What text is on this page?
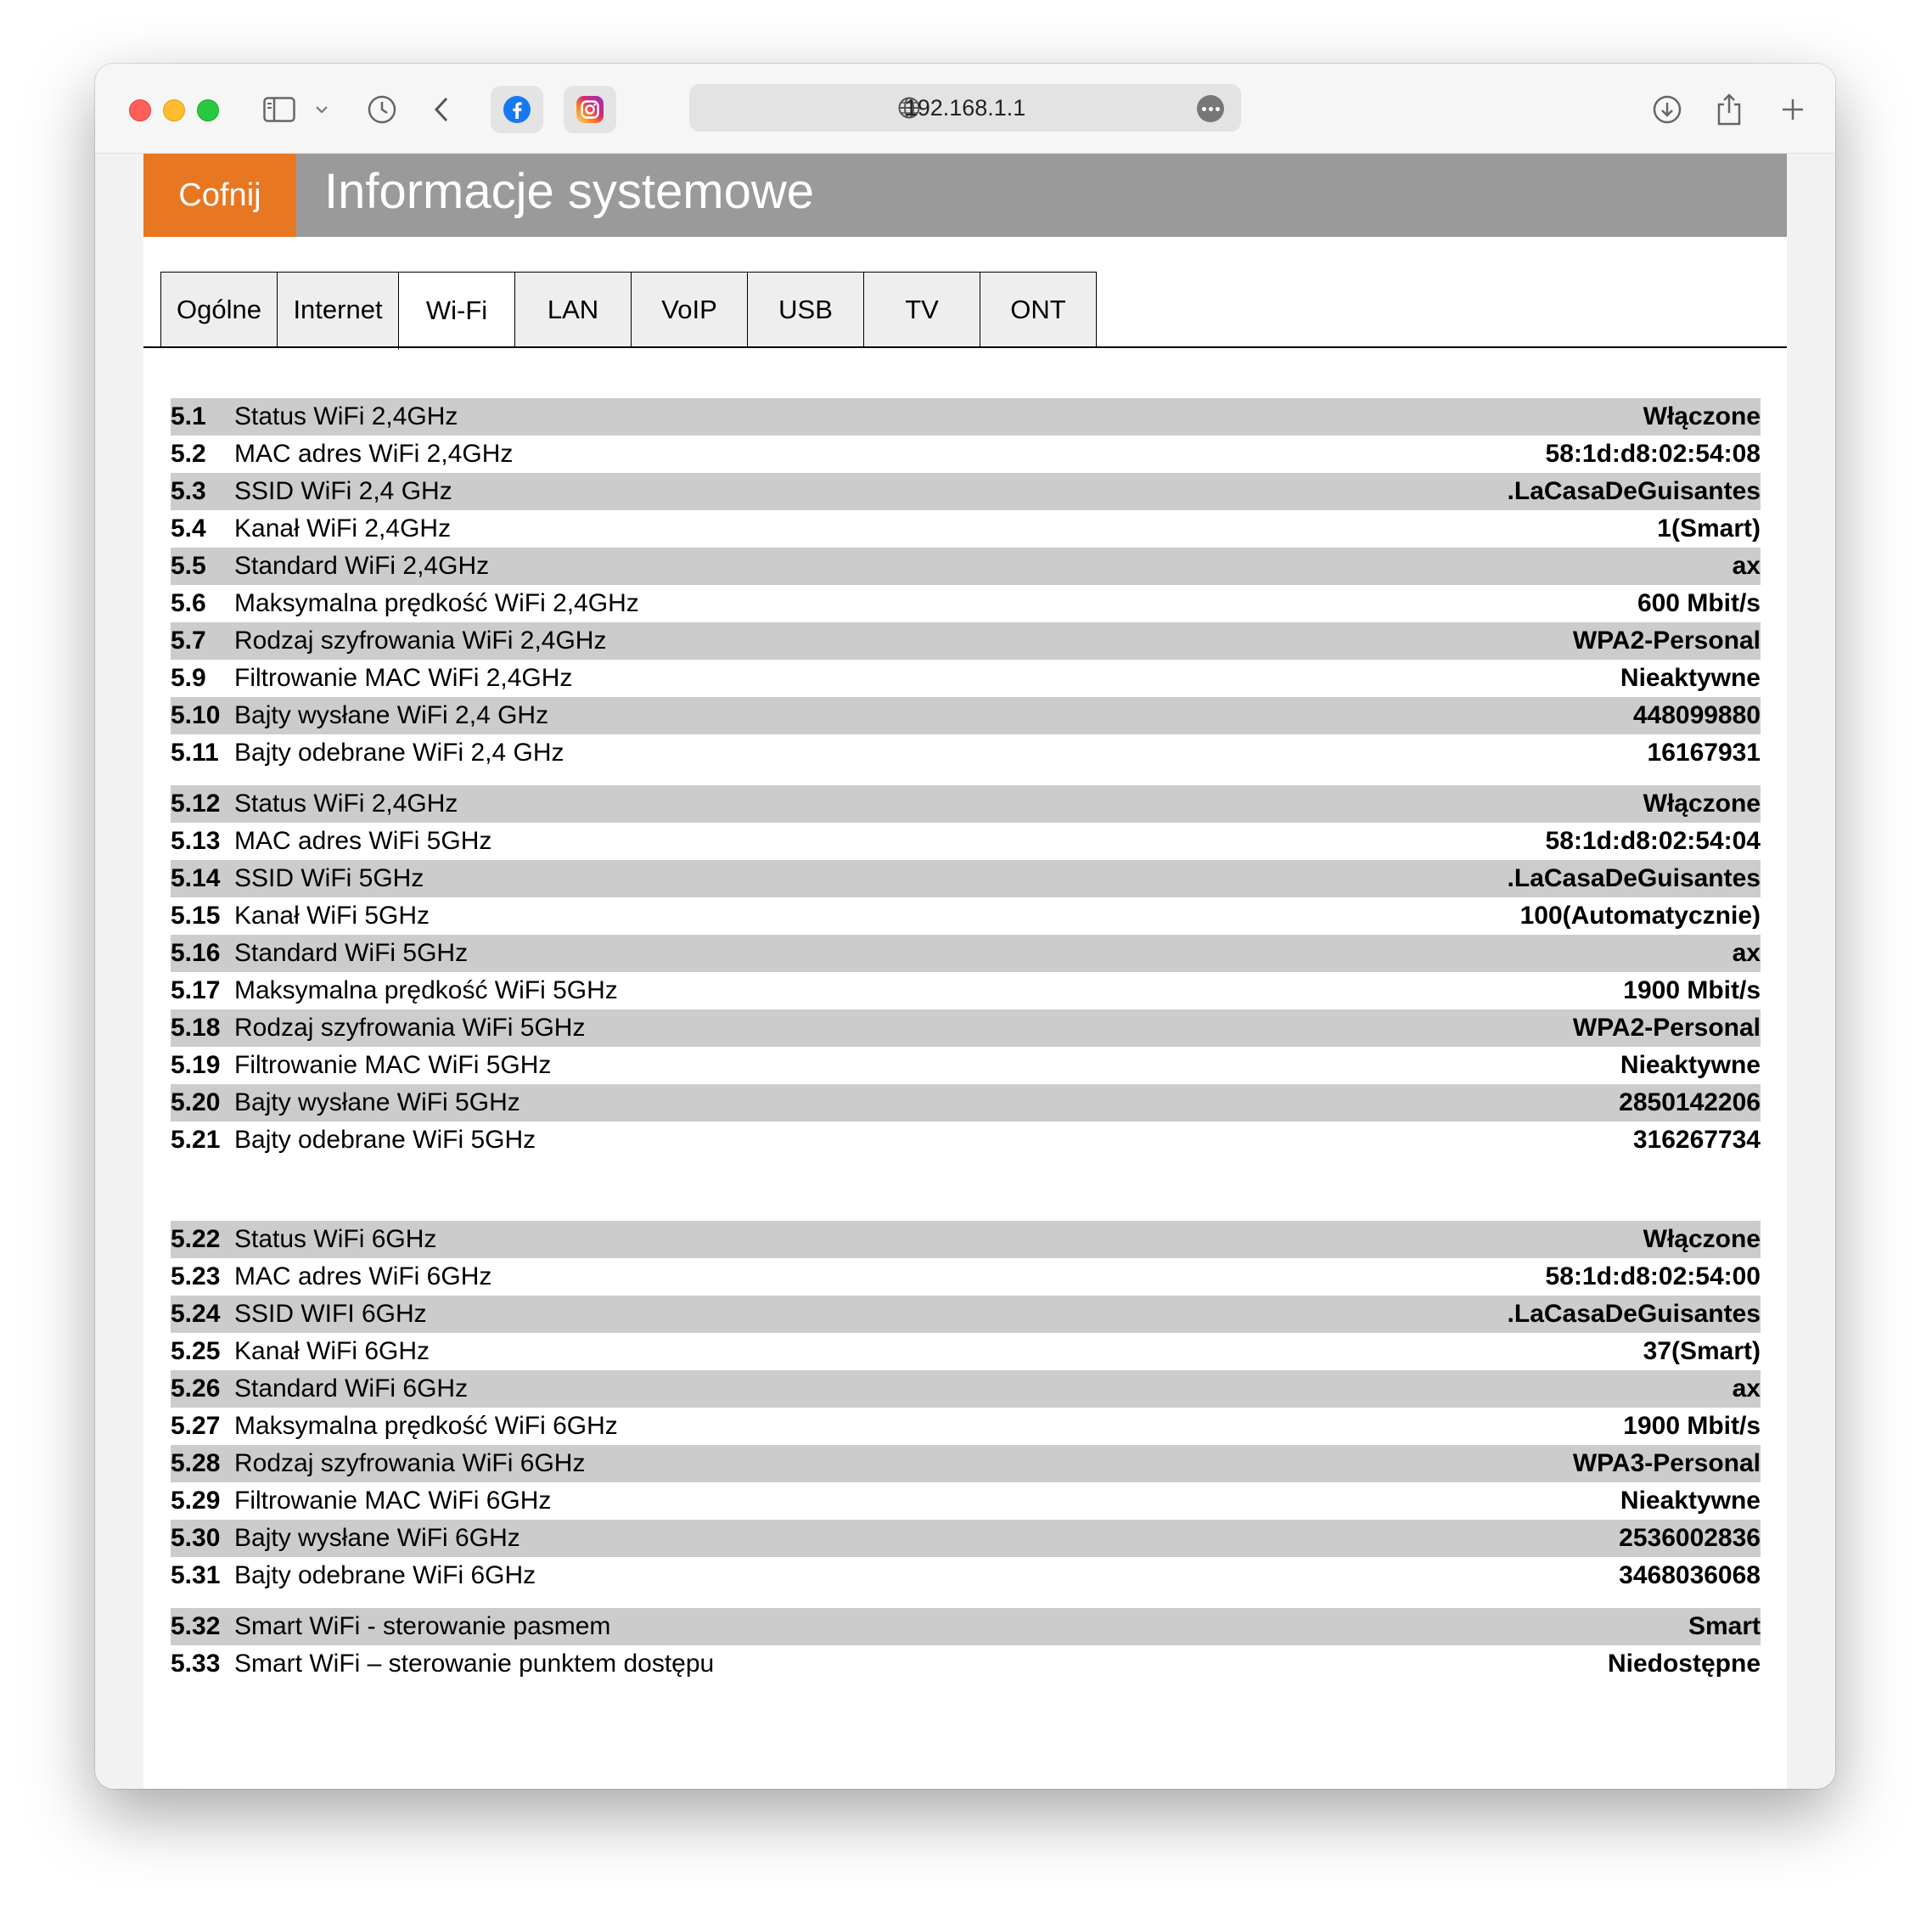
192.168.1.1
Cofnij	Informacje systemowe
Ogólne	Internet	Wi-Fi	LAN	VoIP	USB	TV	ONT
5.1 Status WiFi 2,4GHz	Włączone
5.2 MAC adres WiFi 2,4GHz	58:1d:d8:02:54:08
5.3 SSID WiFi 2,4 GHz	.LaCasaDeGuisantes
5.4 Kanał WiFi 2,4GHz	1(Smart)
5.5 Standard WiFi 2,4GHz	ax
5.6 Maksymalna prędkość WiFi 2,4GHz	600 Mbit/s
5.7 Rodzaj szyfrowania WiFi 2,4GHz	WPA2-Personal
5.9 Filtrowanie MAC WiFi 2,4GHz	Nieaktywne
5.10 Bajty wysłane WiFi 2,4 GHz	448099880
5.11 Bajty odebrane WiFi 2,4 GHz	16167931
5.12 Status WiFi 2,4GHz	Włączone
5.13 MAC adres WiFi 5GHz	58:1d:d8:02:54:04
5.14 SSID WiFi 5GHz	.LaCasaDeGuisantes
5.15 Kanał WiFi 5GHz	100(Automatycznie)
5.16 Standard WiFi 5GHz	ax
5.17 Maksymalna prędkość WiFi 5GHz	1900 Mbit/s
5.18 Rodzaj szyfrowania WiFi 5GHz	WPA2-Personal
5.19 Filtrowanie MAC WiFi 5GHz	Nieaktywne
5.20 Bajty wysłane WiFi 5GHz	2850142206
5.21 Bajty odebrane WiFi 5GHz	316267734
5.22 Status WiFi 6GHz	Włączone
5.23 MAC adres WiFi 6GHz	58:1d:d8:02:54:00
5.24 SSID WIFI 6GHz	.LaCasaDeGuisantes
5.25 Kanał WiFi 6GHz	37(Smart)
5.26 Standard WiFi 6GHz	ax
5.27 Maksymalna prędkość WiFi 6GHz	1900 Mbit/s
5.28 Rodzaj szyfrowania WiFi 6GHz	WPA3-Personal
5.29 Filtrowanie MAC WiFi 6GHz	Nieaktywne
5.30 Bajty wysłane WiFi 6GHz	2536002836
5.31 Bajty odebrane WiFi 6GHz	3468036068
5.32 Smart WiFi - sterowanie pasmem	Smart
5.33 Smart WiFi – sterowanie punktem dostępu	Niedostępne
